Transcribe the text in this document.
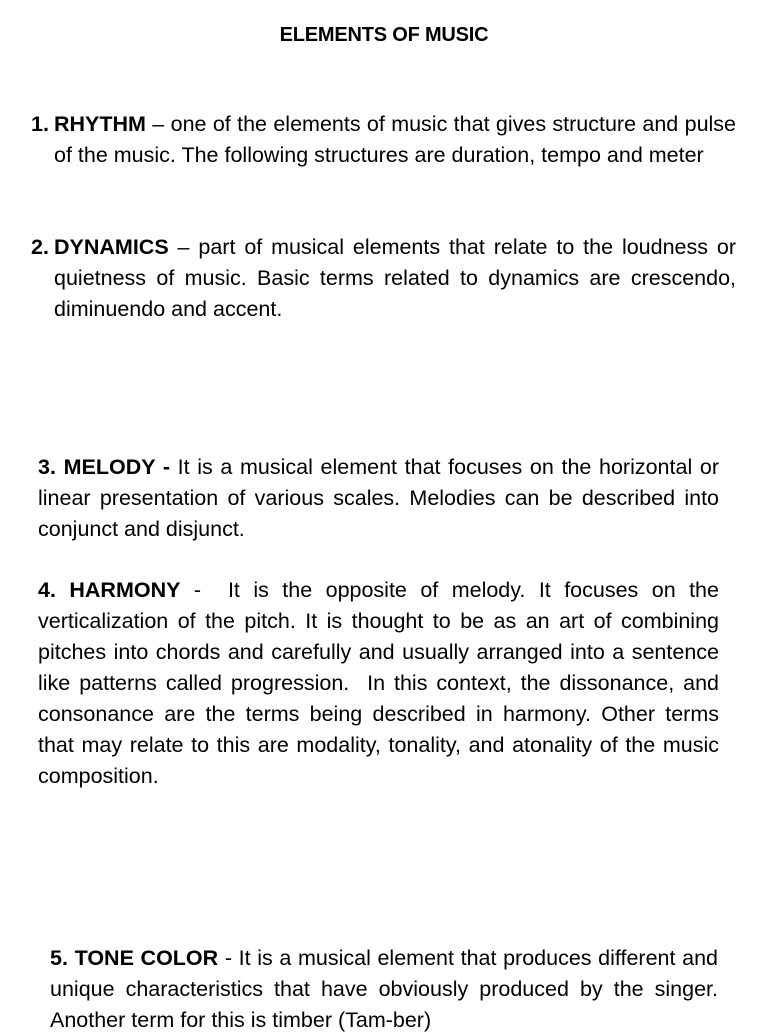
ELEMENTS OF MUSIC
1. RHYTHM – one of the elements of music that gives structure and pulse of the music. The following structures are duration, tempo and meter
2. DYNAMICS – part of musical elements that relate to the loudness or quietness of music. Basic terms related to dynamics are crescendo, diminuendo and accent.
3. MELODY - It is a musical element that focuses on the horizontal or linear presentation of various scales. Melodies can be described into conjunct and disjunct.
4. HARMONY -  It is the opposite of melody. It focuses on the verticalization of the pitch. It is thought to be as an art of combining pitches into chords and carefully and usually arranged into a sentence like patterns called progression.  In this context, the dissonance, and consonance are the terms being described in harmony. Other terms that may relate to this are modality, tonality, and atonality of the music composition.
5. TONE COLOR - It is a musical element that produces different and unique characteristics that have obviously produced by the singer. Another term for this is timber (Tam-ber)
